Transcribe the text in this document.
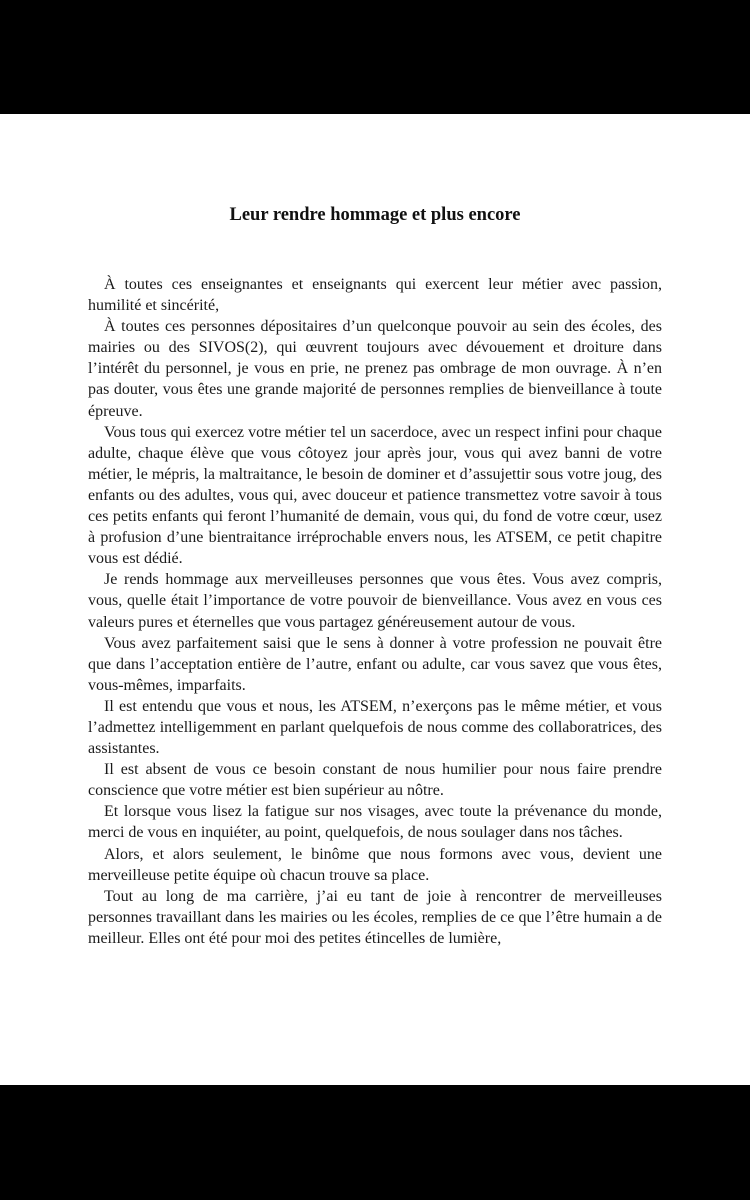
Leur rendre hommage et plus encore

À toutes ces enseignantes et enseignants qui exercent leur métier avec passion, humilité et sincérité,

À toutes ces personnes dépositaires d’un quelconque pouvoir au sein des écoles, des mairies ou des SIVOS(2), qui œuvrent toujours avec dévouement et droiture dans l’intérêt du personnel, je vous en prie, ne prenez pas ombrage de mon ouvrage. À n’en pas douter, vous êtes une grande majorité de personnes remplies de bienveillance à toute épreuve.

Vous tous qui exercez votre métier tel un sacerdoce, avec un respect infini pour chaque adulte, chaque élève que vous côtoyez jour après jour, vous qui avez banni de votre métier, le mépris, la maltraitance, le besoin de dominer et d’assujettir sous votre joug, des enfants ou des adultes, vous qui, avec douceur et patience transmettez votre savoir à tous ces petits enfants qui feront l’humanité de demain, vous qui, du fond de votre cœur, usez à profusion d’une bientraitance irréprochable envers nous, les ATSEM, ce petit chapitre vous est dédié.

Je rends hommage aux merveilleuses personnes que vous êtes. Vous avez compris, vous, quelle était l’importance de votre pouvoir de bienveillance. Vous avez en vous ces valeurs pures et éternelles que vous partagez généreusement autour de vous.

Vous avez parfaitement saisi que le sens à donner à votre profession ne pouvait être que dans l’acceptation entière de l’autre, enfant ou adulte, car vous savez que vous êtes, vous-mêmes, imparfaits.

Il est entendu que vous et nous, les ATSEM, n’exerçons pas le même métier, et vous l’admettez intelligemment en parlant quelquefois de nous comme des collaboratrices, des assistantes.

Il est absent de vous ce besoin constant de nous humilier pour nous faire prendre conscience que votre métier est bien supérieur au nôtre.

Et lorsque vous lisez la fatigue sur nos visages, avec toute la prévenance du monde, merci de vous en inquiéter, au point, quelquefois, de nous soulager dans nos tâches.

Alors, et alors seulement, le binôme que nous formons avec vous, devient une merveilleuse petite équipe où chacun trouve sa place.

Tout au long de ma carrière, j’ai eu tant de joie à rencontrer de merveilleuses personnes travaillant dans les mairies ou les écoles, remplies de ce que l’être humain a de meilleur. Elles ont été pour moi des petites étincelles de lumière,
